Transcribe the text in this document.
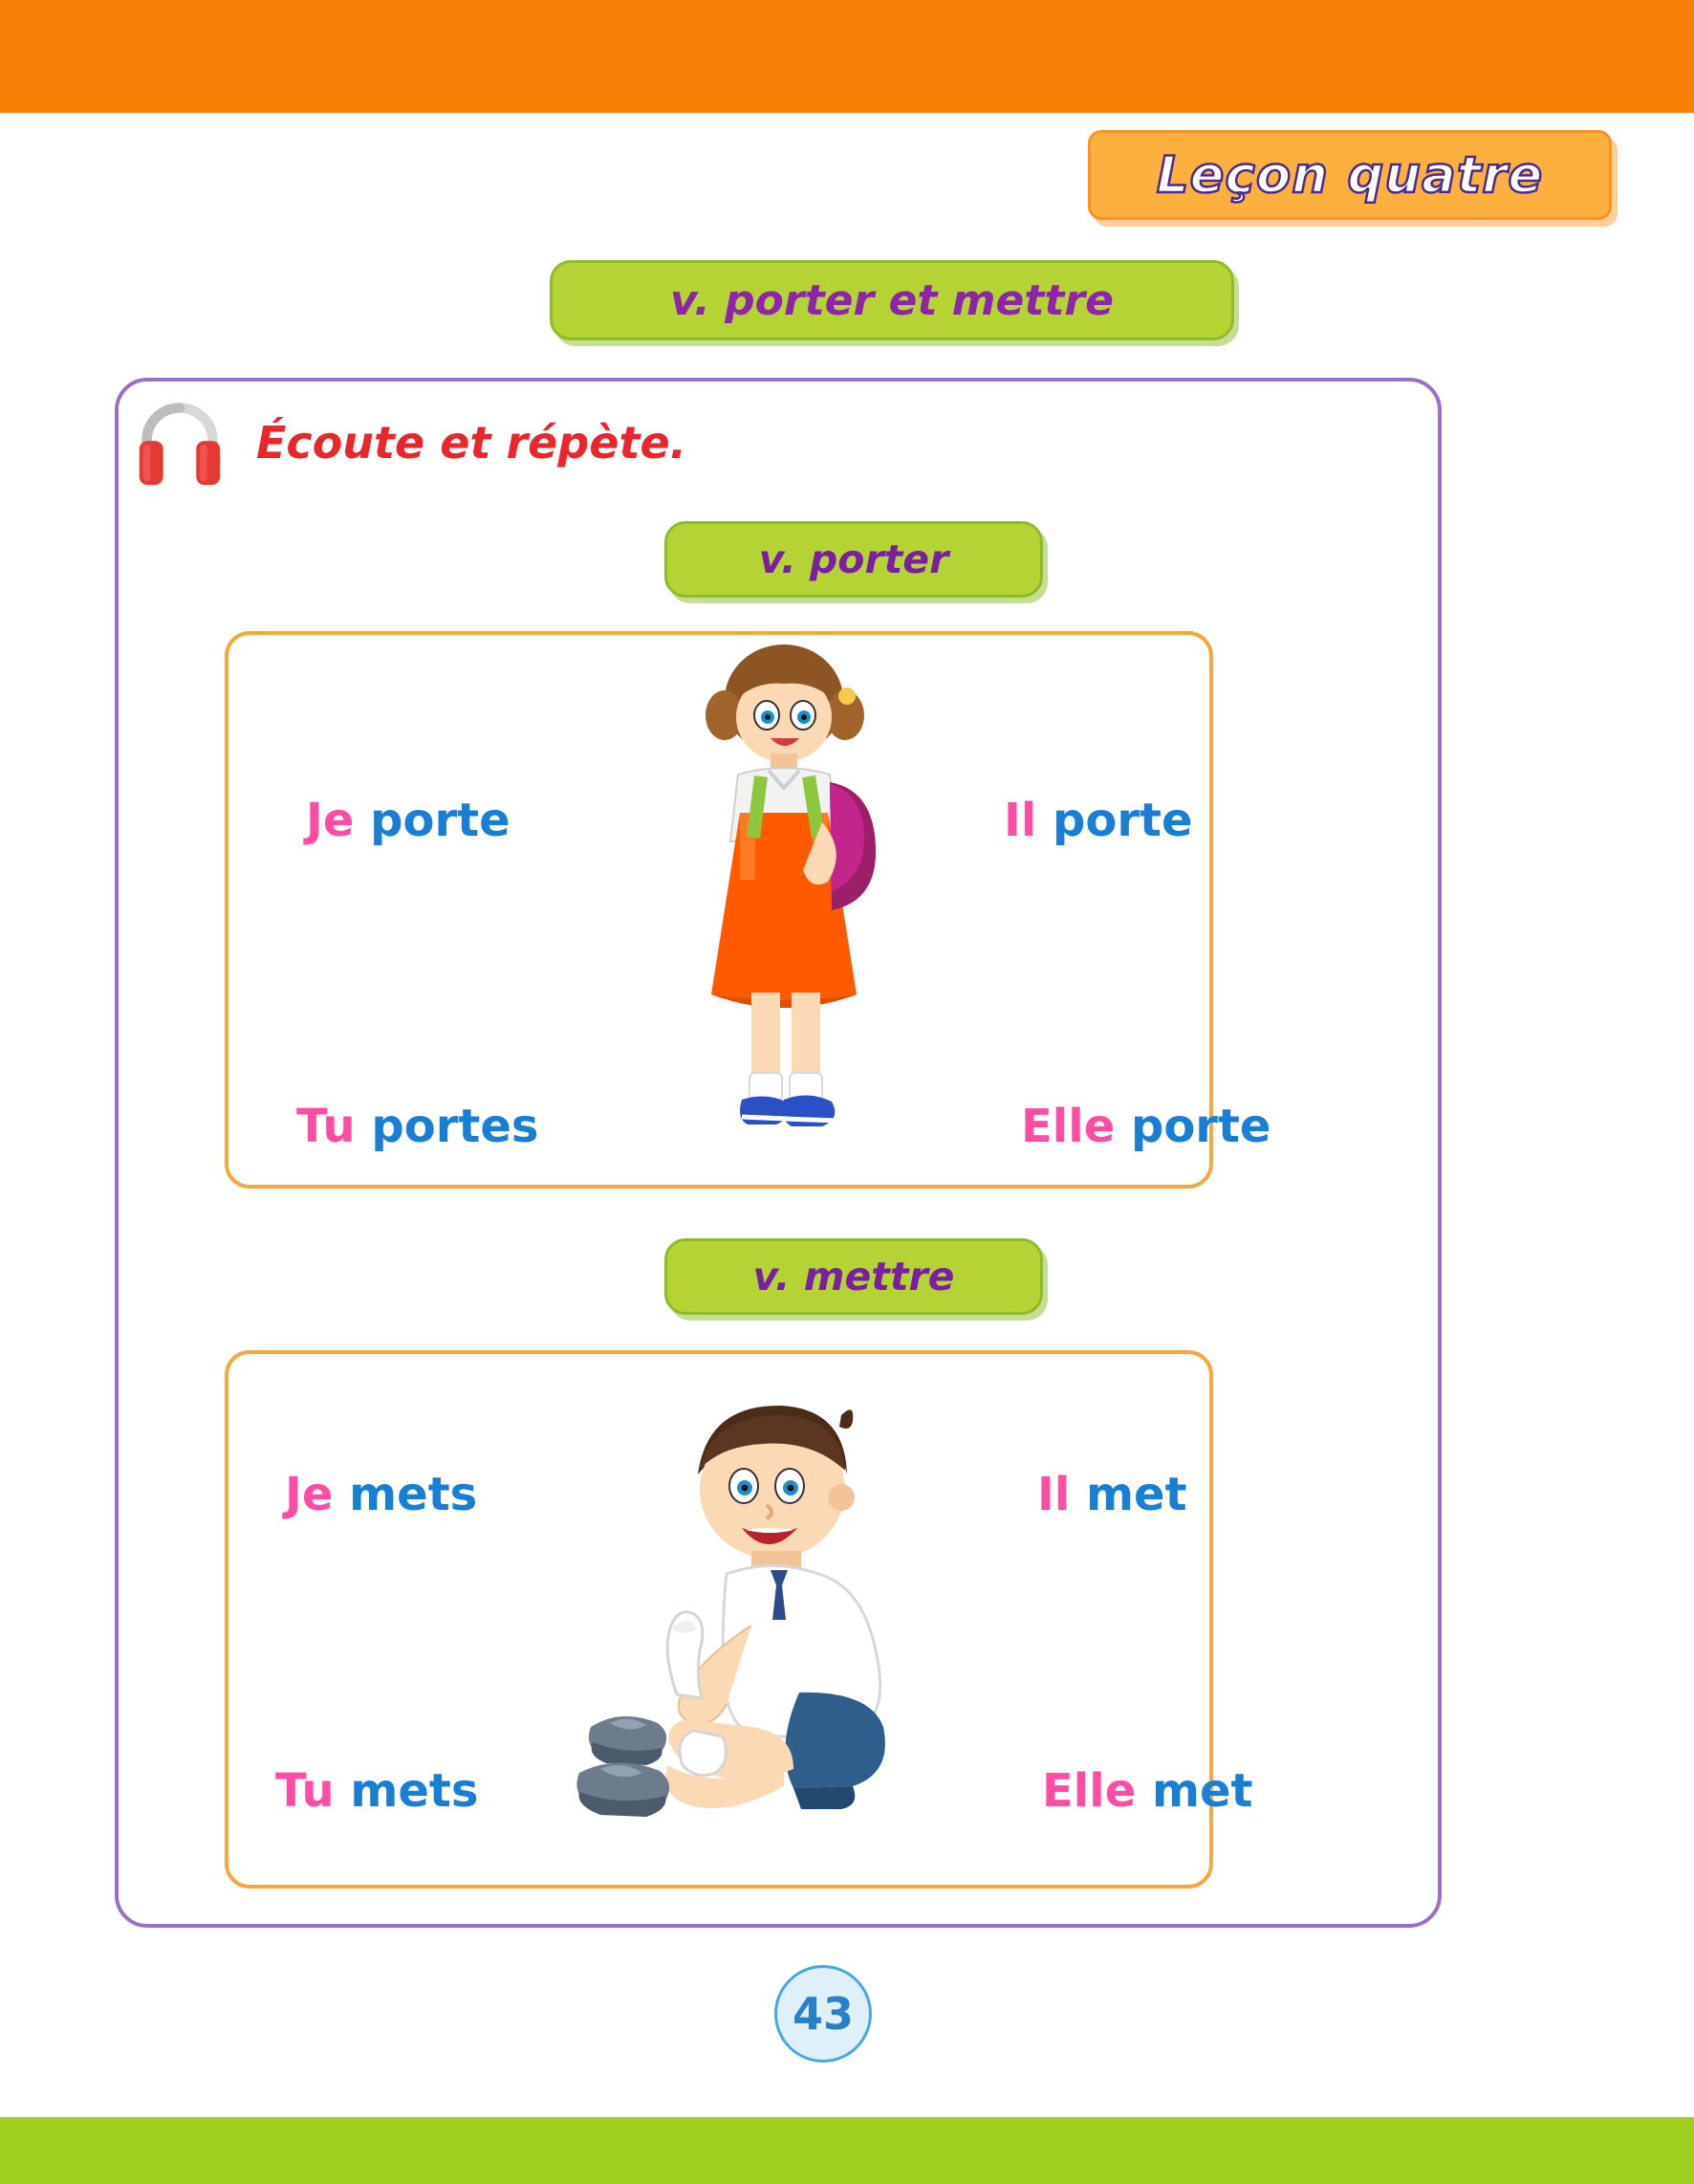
Leçon quatre
v. porter et mettre
Écoute et répète.
v. porter
Je porte	Il porte
Tu portes	Elle porte
v. mettre
Je mets	Il met
Tu mets	Elle met
43
